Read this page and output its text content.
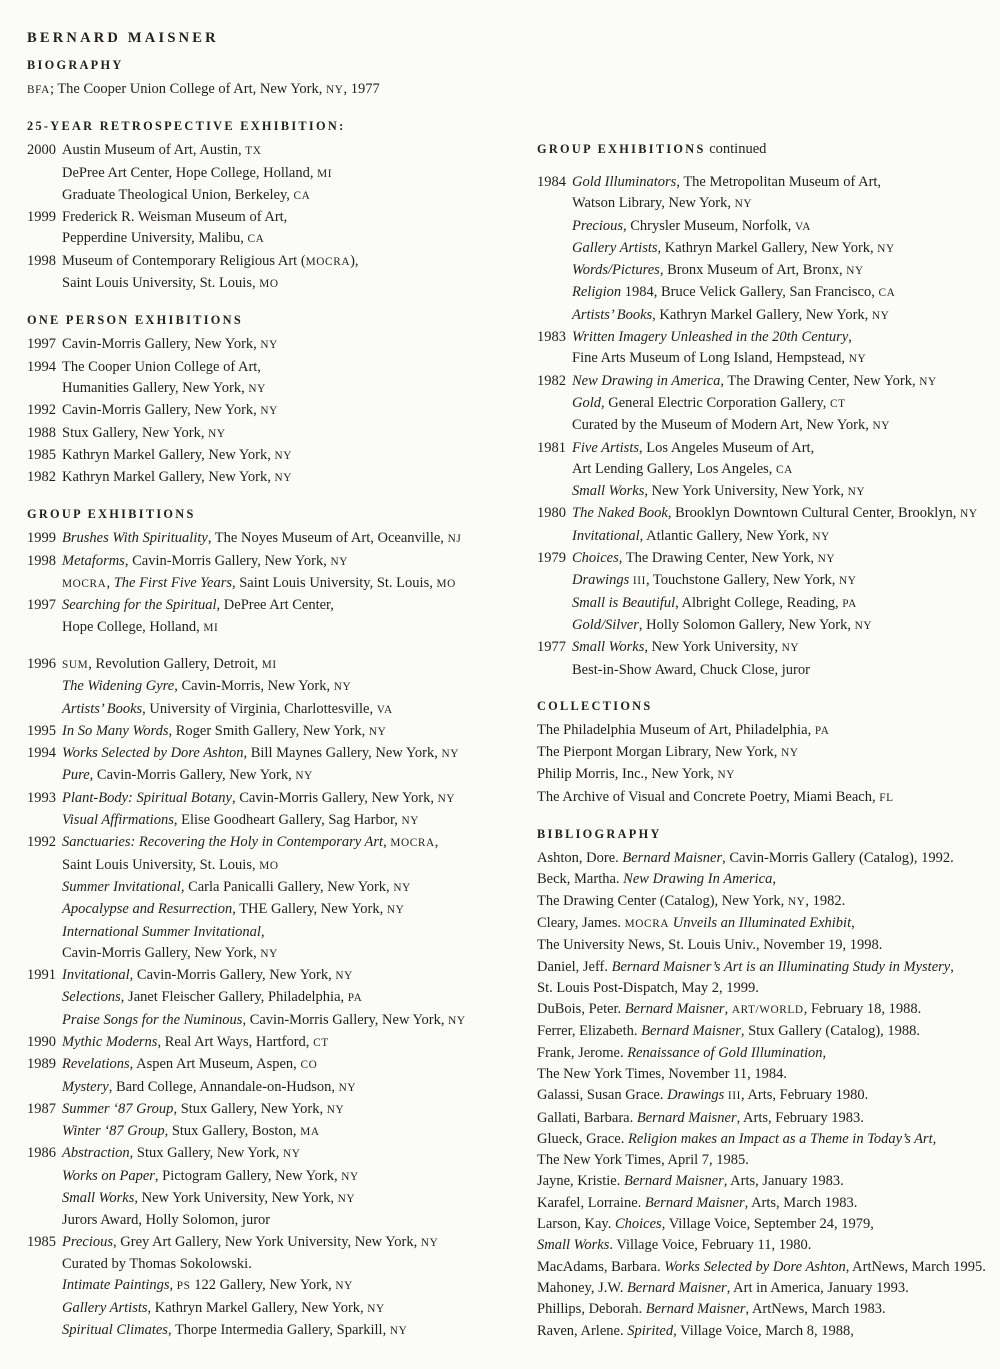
BERNARD MAISNER
BIOGRAPHY
BFA; The Cooper Union College of Art, New York, NY, 1977
25-YEAR RETROSPECTIVE EXHIBITION:
2000 Austin Museum of Art, Austin, TX
DePree Art Center, Hope College, Holland, MI
Graduate Theological Union, Berkeley, CA
1999 Frederick R. Weisman Museum of Art,
Pepperdine University, Malibu, CA
1998 Museum of Contemporary Religious Art (MOCRA),
Saint Louis University, St. Louis, MO
ONE PERSON EXHIBITIONS
1997 Cavin-Morris Gallery, New York, NY
1994 The Cooper Union College of Art,
Humanities Gallery, New York, NY
1992 Cavin-Morris Gallery, New York, NY
1988 Stux Gallery, New York, NY
1985 Kathryn Markel Gallery, New York, NY
1982 Kathryn Markel Gallery, New York, NY
GROUP EXHIBITIONS
1999 Brushes With Spirituality, The Noyes Museum of Art, Oceanville, NJ
1998 Metaforms, Cavin-Morris Gallery, New York, NY
MOCRA, The First Five Years, Saint Louis University, St. Louis, MO
1997 Searching for the Spiritual, DePree Art Center,
Hope College, Holland, MI
1996 SUM, Revolution Gallery, Detroit, MI
The Widening Gyre, Cavin-Morris, New York, NY
Artists’ Books, University of Virginia, Charlottesville, VA
1995 In So Many Words, Roger Smith Gallery, New York, NY
1994 Works Selected by Dore Ashton, Bill Maynes Gallery, New York, NY
Pure, Cavin-Morris Gallery, New York, NY
1993 Plant-Body: Spiritual Botany, Cavin-Morris Gallery, New York, NY
Visual Affirmations, Elise Goodheart Gallery, Sag Harbor, NY
1992 Sanctuaries: Recovering the Holy in Contemporary Art, MOCRA,
Saint Louis University, St. Louis, MO
Summer Invitational, Carla Panicalli Gallery, New York, NY
Apocalypse and Resurrection, THE Gallery, New York, NY
International Summer Invitational,
Cavin-Morris Gallery, New York, NY
1991 Invitational, Cavin-Morris Gallery, New York, NY
Selections, Janet Fleischer Gallery, Philadelphia, PA
Praise Songs for the Numinous, Cavin-Morris Gallery, New York, NY
1990 Mythic Moderns, Real Art Ways, Hartford, CT
1989 Revelations, Aspen Art Museum, Aspen, CO
Mystery, Bard College, Annandale-on-Hudson, NY
1987 Summer ‘87 Group, Stux Gallery, New York, NY
Winter ‘87 Group, Stux Gallery, Boston, MA
1986 Abstraction, Stux Gallery, New York, NY
Works on Paper, Pictogram Gallery, New York, NY
Small Works, New York University, New York, NY
Jurors Award, Holly Solomon, juror
1985 Precious, Grey Art Gallery, New York University, New York, NY
Curated by Thomas Sokolowski.
Intimate Paintings, PS 122 Gallery, New York, NY
Gallery Artists, Kathryn Markel Gallery, New York, NY
Spiritual Climates, Thorpe Intermedia Gallery, Sparkill, NY
GROUP EXHIBITIONS continued
1984 Gold Illuminators, The Metropolitan Museum of Art,
Watson Library, New York, NY
Precious, Chrysler Museum, Norfolk, VA
Gallery Artists, Kathryn Markel Gallery, New York, NY
Words/Pictures, Bronx Museum of Art, Bronx, NY
Religion 1984, Bruce Velick Gallery, San Francisco, CA
Artists’ Books, Kathryn Markel Gallery, New York, NY
1983 Written Imagery Unleashed in the 20th Century,
Fine Arts Museum of Long Island, Hempstead, NY
1982 New Drawing in America, The Drawing Center, New York, NY
Gold, General Electric Corporation Gallery, CT
Curated by the Museum of Modern Art, New York, NY
1981 Five Artists, Los Angeles Museum of Art,
Art Lending Gallery, Los Angeles, CA
Small Works, New York University, New York, NY
1980 The Naked Book, Brooklyn Downtown Cultural Center, Brooklyn, NY
Invitational, Atlantic Gallery, New York, NY
1979 Choices, The Drawing Center, New York, NY
Drawings III, Touchstone Gallery, New York, NY
Small is Beautiful, Albright College, Reading, PA
Gold/Silver, Holly Solomon Gallery, New York, NY
1977 Small Works, New York University, NY
Best-in-Show Award, Chuck Close, juror
COLLECTIONS
The Philadelphia Museum of Art, Philadelphia, PA
The Pierpont Morgan Library, New York, NY
Philip Morris, Inc., New York, NY
The Archive of Visual and Concrete Poetry, Miami Beach, FL
BIBLIOGRAPHY
Ashton, Dore. Bernard Maisner, Cavin-Morris Gallery (Catalog), 1992.
Beck, Martha. New Drawing In America,
The Drawing Center (Catalog), New York, NY, 1982.
Cleary, James. MOCRA Unveils an Illuminated Exhibit,
The University News, St. Louis Univ., November 19, 1998.
Daniel, Jeff. Bernard Maisner’s Art is an Illuminating Study in Mystery,
St. Louis Post-Dispatch, May 2, 1999.
DuBois, Peter. Bernard Maisner, ART/WORLD, February 18, 1988.
Ferrer, Elizabeth. Bernard Maisner, Stux Gallery (Catalog), 1988.
Frank, Jerome. Renaissance of Gold Illumination,
The New York Times, November 11, 1984.
Galassi, Susan Grace. Drawings III, Arts, February 1980.
Gallati, Barbara. Bernard Maisner, Arts, February 1983.
Glueck, Grace. Religion makes an Impact as a Theme in Today’s Art,
The New York Times, April 7, 1985.
Jayne, Kristie. Bernard Maisner, Arts, January 1983.
Karafel, Lorraine. Bernard Maisner, Arts, March 1983.
Larson, Kay. Choices, Village Voice, September 24, 1979,
Small Works. Village Voice, February 11, 1980.
MacAdams, Barbara. Works Selected by Dore Ashton, ArtNews, March 1995.
Mahoney, J.W. Bernard Maisner, Art in America, January 1993.
Phillips, Deborah. Bernard Maisner, ArtNews, March 1983.
Raven, Arlene. Spirited, Village Voice, March 8, 1988,
